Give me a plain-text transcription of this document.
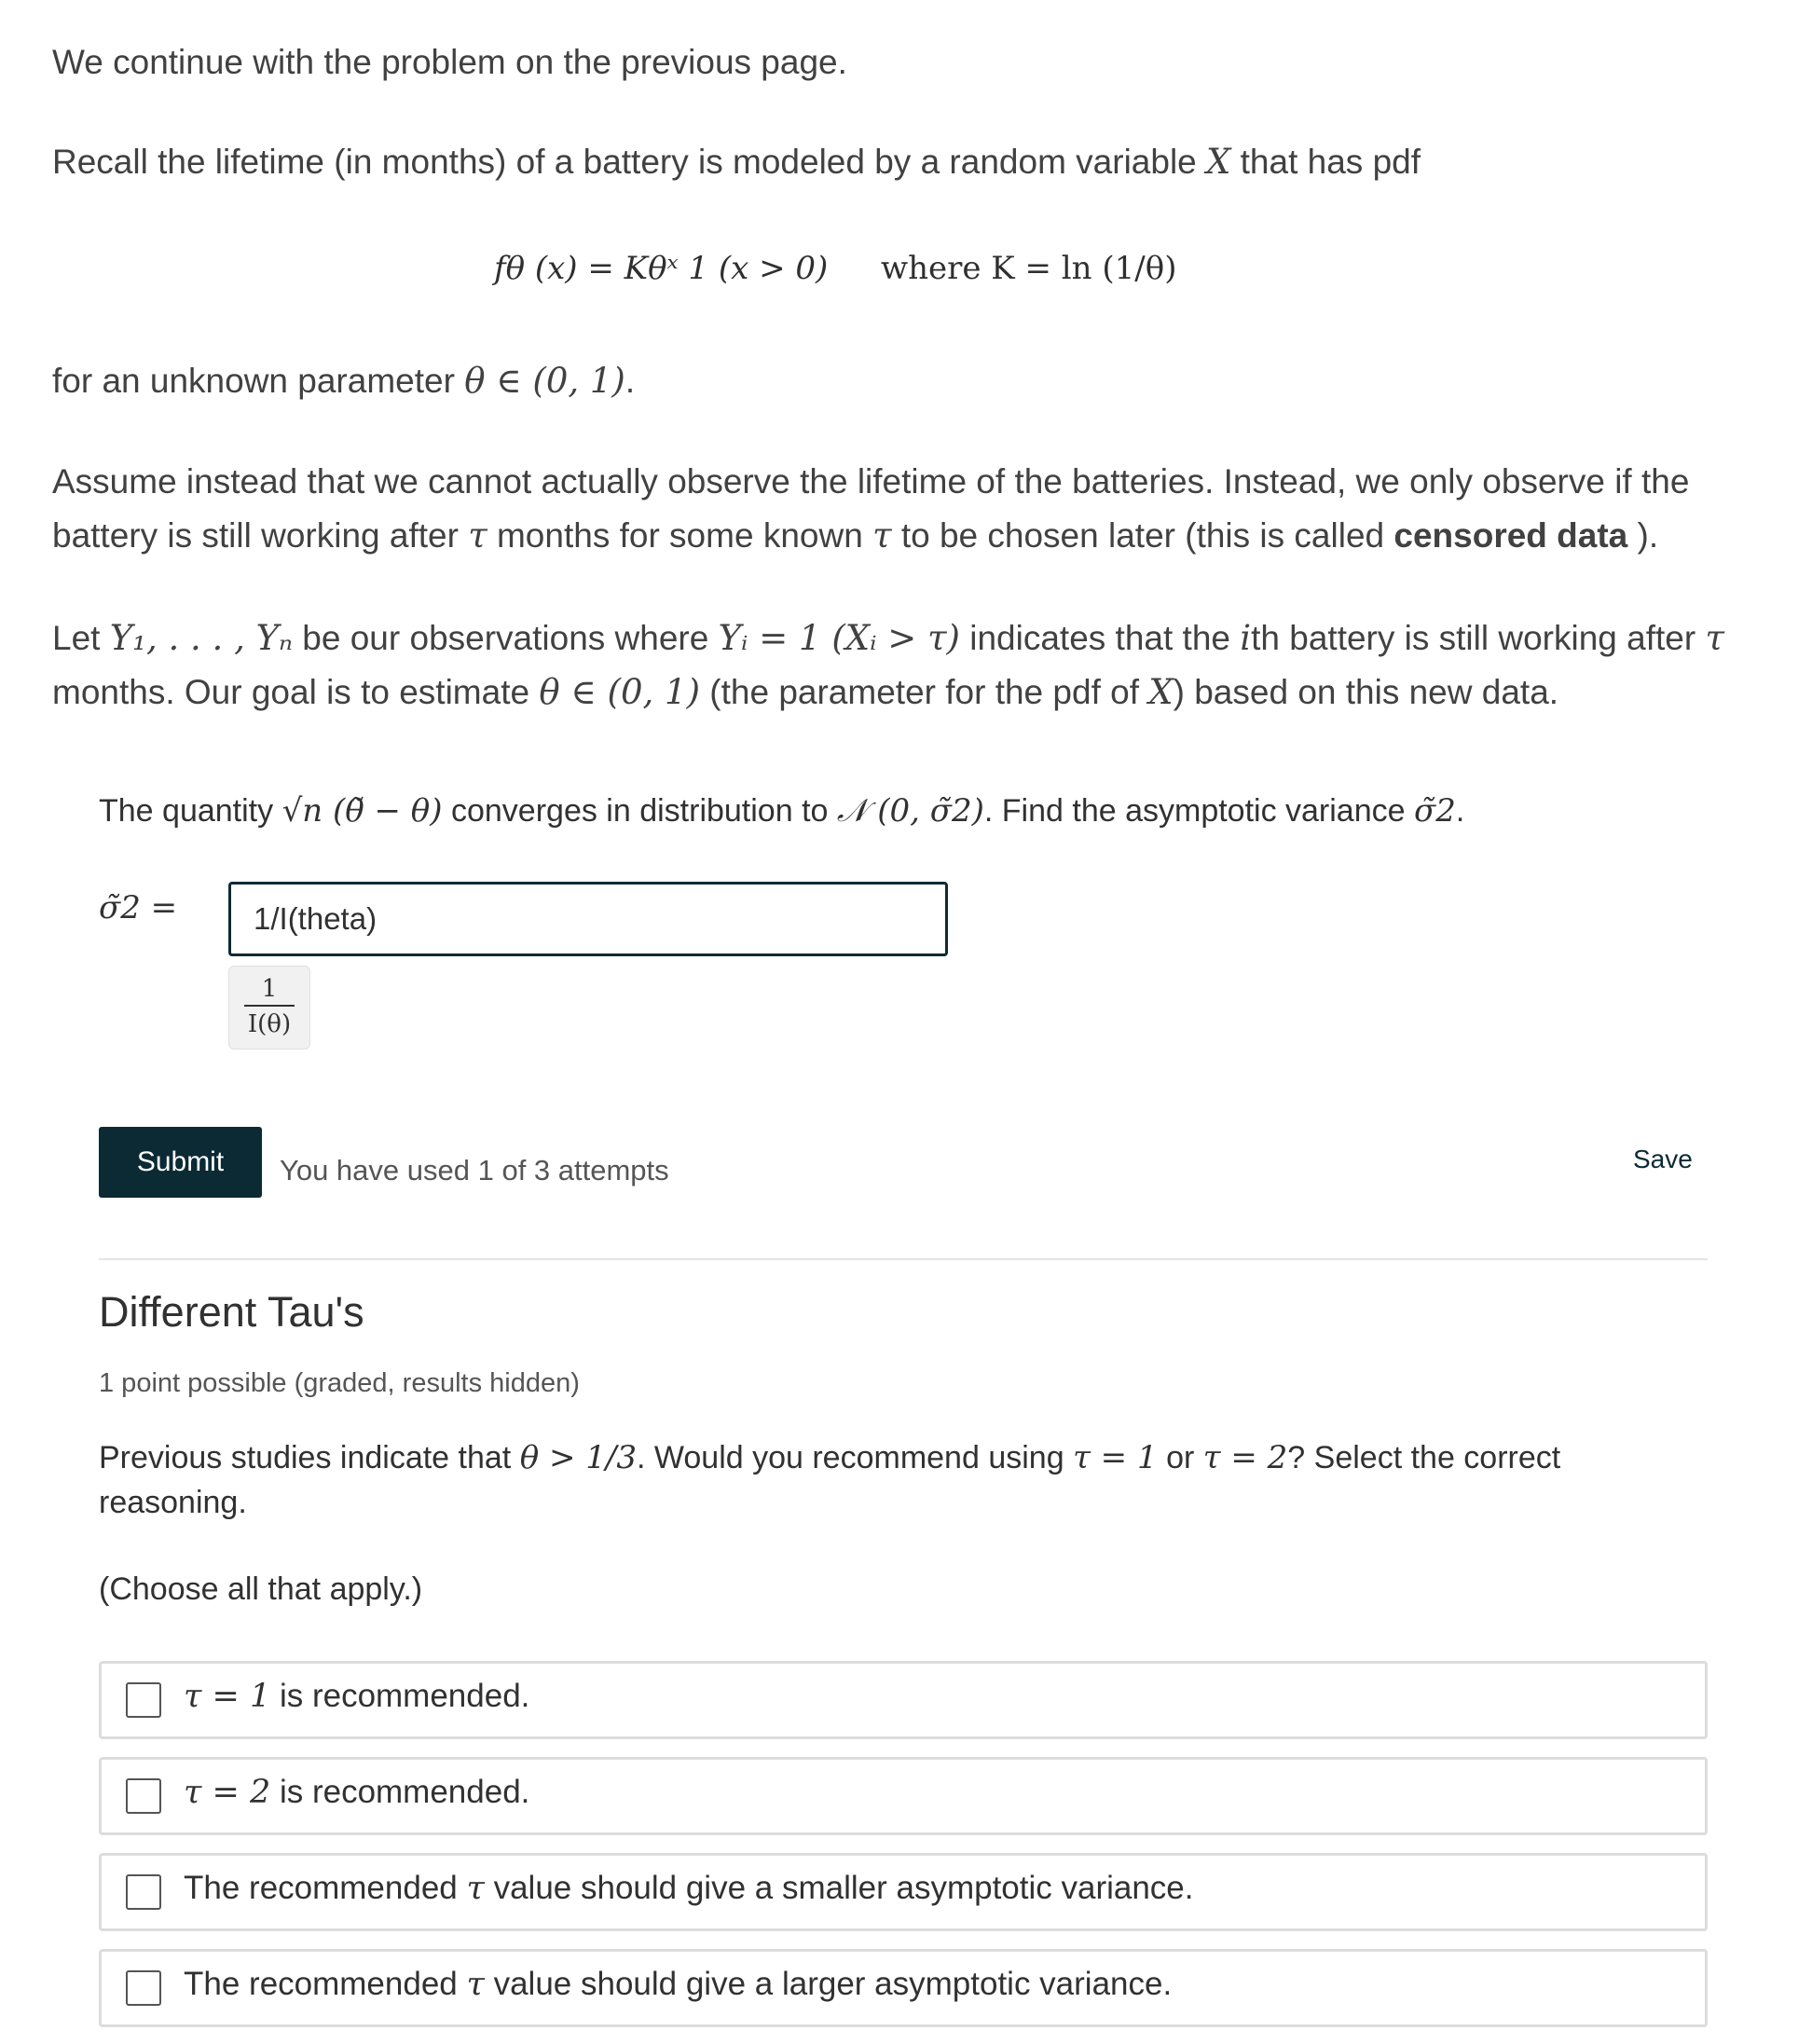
We continue with the problem on the previous page.

Recall the lifetime (in months) of a battery is modeled by a random variable X that has pdf

fθ (x) = Kθˣ 1 (x > 0) where K = ln (1/θ)

for an unknown parameter θ ∈ (0, 1).

Assume instead that we cannot actually observe the lifetime of the batteries. Instead, we only observe if the battery is still working after τ months for some known τ to be chosen later (this is called censored data ).

Let Y₁, . . . , Yₙ be our observations where Yᵢ = 1 (Xᵢ > τ) indicates that the ith battery is still working after τ months. Our goal is to estimate θ ∈ (0, 1) (the parameter for the pdf of X) based on this new data.

The quantity √n (θ̃ − θ) converges in distribution to 𝒩 (0, σ̃2). Find the asymptotic variance σ̃2.

σ̃2 =
1/I(theta)
1
I(θ)
Submit	You have used 1 of 3 attempts	Save
Different Tau's

1 point possible (graded, results hidden)

Previous studies indicate that θ > 1/3. Would you recommend using τ = 1 or τ = 2? Select the correct reasoning.

(Choose all that apply.)

τ = 1 is recommended.
τ = 2 is recommended.
The recommended τ value should give a smaller asymptotic variance.
The recommended τ value should give a larger asymptotic variance.
